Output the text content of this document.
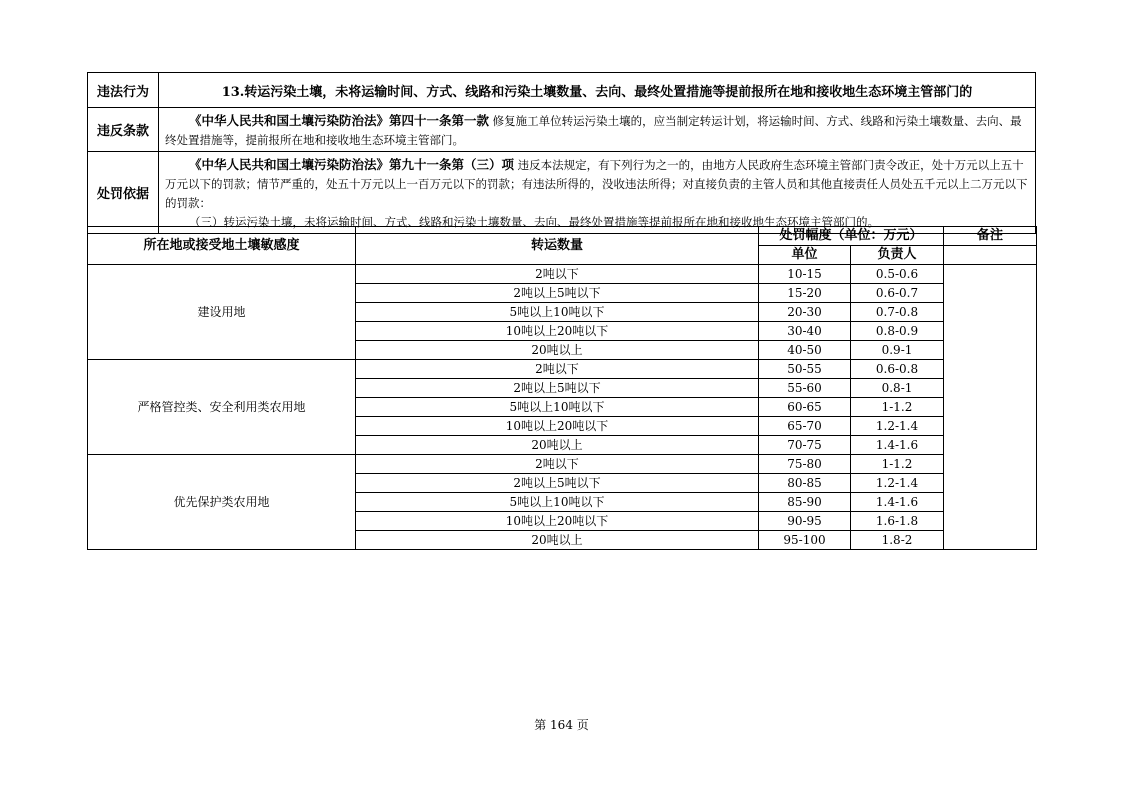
违法行为	13.转运污染土壤，未将运输时间、方式、线路和污染土壤数量、去向、最终处置措施等提前报所在地和接收地生态环境主管部门的
违反条款	《中华人民共和国土壤污染防治法》第四十一条第一款 修复施工单位转运污染土壤的，应当制定转运计划，将运输时间、方式、线路和污染土壤数量、去向、最终处置措施等，提前报所在地和接收地生态环境主管部门。

处罚依据	《中华人民共和国土壤污染防治法》第九十一条第（三）项 违反本法规定，有下列行为之一的，由地方人民政府生态环境主管部门责令改正，处十万元以上五十万元以下的罚款；情节严重的，处五十万元以上一百万元以下的罚款；有违法所得的，没收违法所得；对直接负责的主管人员和其他直接责任人员处五千元以上二万元以下的罚款：
（三）转运污染土壤，未将运输时间、方式、线路和污染土壤数量、去向、最终处置措施等提前报所在地和接收地生态环境主管部门的。
所在地或接受地土壤敏感度	转运数量	处罚幅度（单位：万元）		备注
		单位	负责人	
建设用地	2吨以下	10-15	0.5-0.6	
	2吨以上5吨以下	15-20	0.6-0.7	
	5吨以上10吨以下	20-30	0.7-0.8	
	10吨以上20吨以下	30-40	0.8-0.9	
	20吨以上	40-50	0.9-1	
严格管控类、安全利用类农用地	2吨以下	50-55	0.6-0.8	
	2吨以上5吨以下	55-60	0.8-1	
	5吨以上10吨以下	60-65	1-1.2	
	10吨以上20吨以下	65-70	1.2-1.4	
	20吨以上	70-75	1.4-1.6	
优先保护类农用地	2吨以下	75-80	1-1.2	
	2吨以上5吨以下	80-85	1.2-1.4	
	5吨以上10吨以下	85-90	1.4-1.6	
	10吨以上20吨以下	90-95	1.6-1.8	
	20吨以上	95-100	1.8-2	
第 164 页
